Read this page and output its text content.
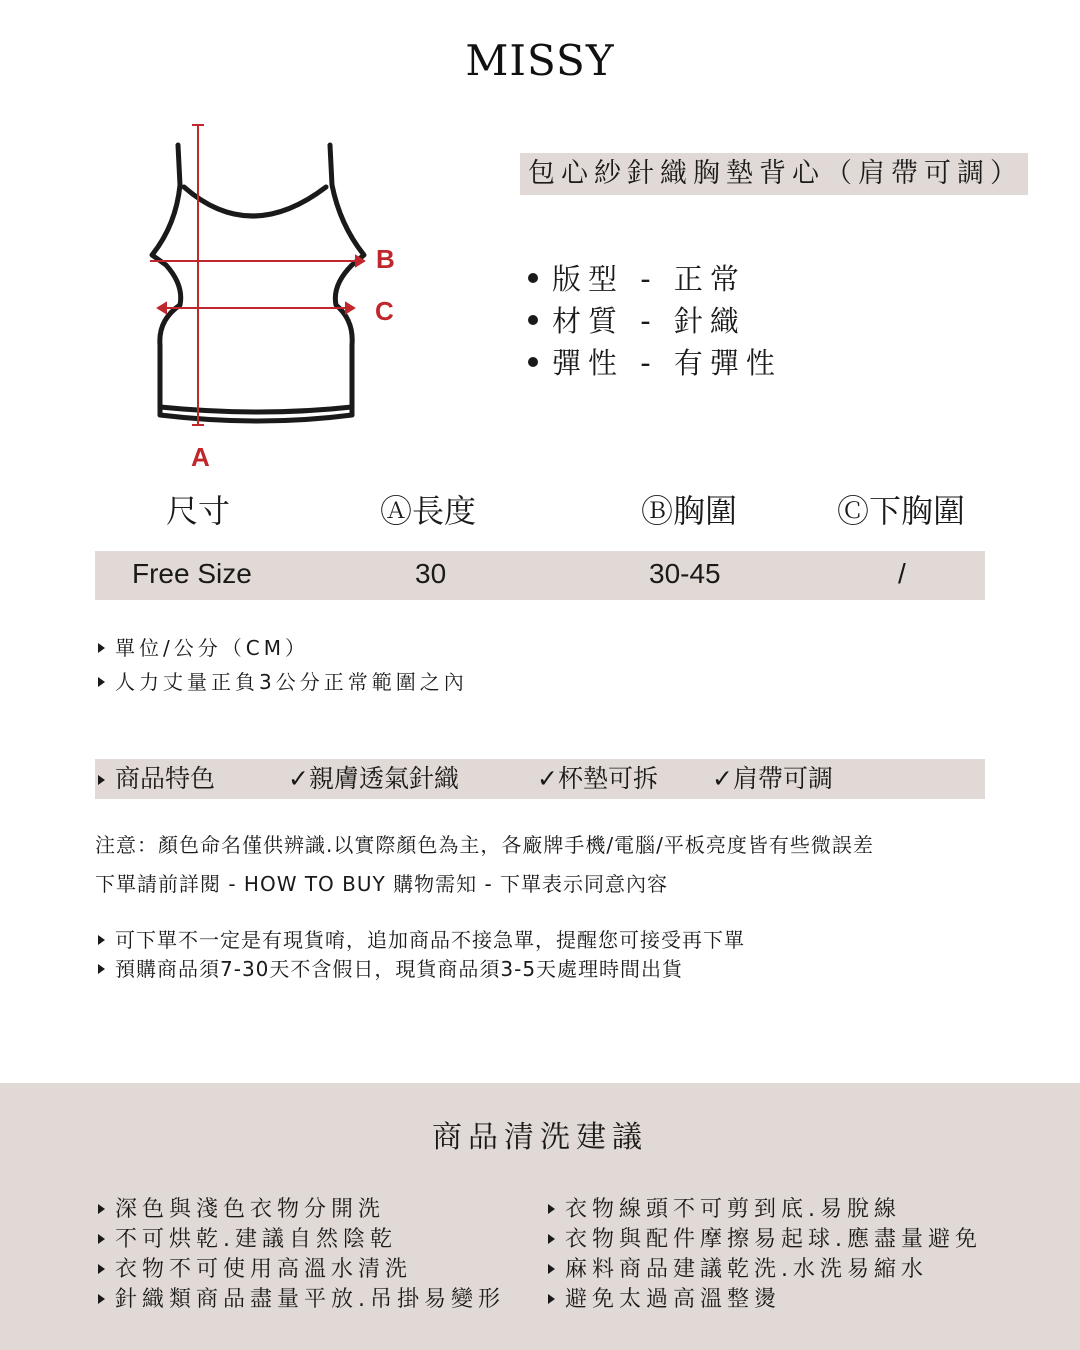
MISSY
B
C
A
包心紗針織胸墊背心（肩帶可調）
版型 - 正常
材質 - 針織
彈性 - 有彈性
尺寸	Ⓐ長度	Ⓑ胸圍	Ⓒ下胸圍
Free Size	30	30-45	/
單位/公分（CM）
人力丈量正負3公分正常範圍之內
商品特色	✓親膚透氣針織	✓杯墊可拆 ✓肩帶可調
注意：顏色命名僅供辨識.以實際顏色為主，各廠牌手機/電腦/平板亮度皆有些微誤差
下單請前詳閱 - HOW TO BUY 購物需知 - 下單表示同意內容
可下單不一定是有現貨唷，追加商品不接急單，提醒您可接受再下單
預購商品須7-30天不含假日，現貨商品須3-5天處理時間出貨
商品清洗建議
深色與淺色衣物分開洗
不可烘乾.建議自然陰乾
衣物不可使用高溫水清洗
針織類商品盡量平放.吊掛易變形
衣物線頭不可剪到底.易脫線
衣物與配件摩擦易起球.應盡量避免
麻料商品建議乾洗.水洗易縮水
避免太過高溫整燙
